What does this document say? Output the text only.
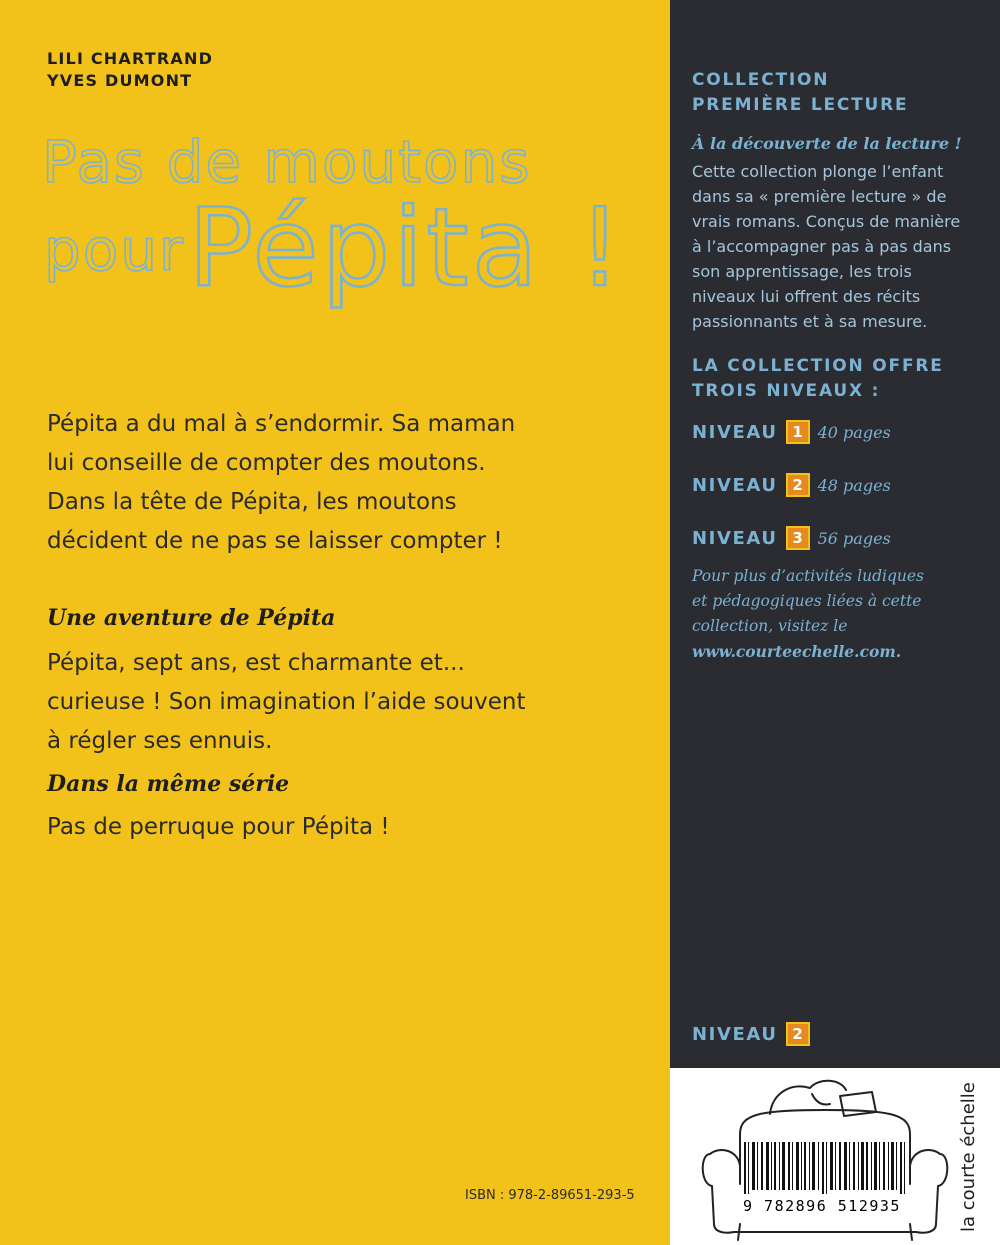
LILI CHARTRAND
YVES DUMONT
Pas de moutons
pour Pépita !
Pépita a du mal à s’endormir. Sa maman
lui conseille de compter des moutons.
Dans la tête de Pépita, les moutons
décident de ne pas se laisser compter !
Une aventure de Pépita
Pépita, sept ans, est charmante et...
curieuse ! Son imagination l’aide souvent
à régler ses ennuis.
Dans la même série
Pas de perruque pour Pépita !
ISBN : 978-2-89651-293-5
COLLECTION
PREMIÈRE LECTURE
À la découverte de la lecture !
Cette collection plonge l’enfant
dans sa « première lecture » de
vrais romans. Conçus de manière
à l’accompagner pas à pas dans
son apprentissage, les trois
niveaux lui offrent des récits
passionnants et à sa mesure.
LA COLLECTION OFFRE
TROIS NIVEAUX :
NIVEAU 1 40 pages
NIVEAU 2 48 pages
NIVEAU 3 56 pages
Pour plus d’activités ludiques
et pédagogiques liées à cette
collection, visitez le
www.courteechelle.com.
NIVEAU 2
9 782896 512935	la courte échelle
